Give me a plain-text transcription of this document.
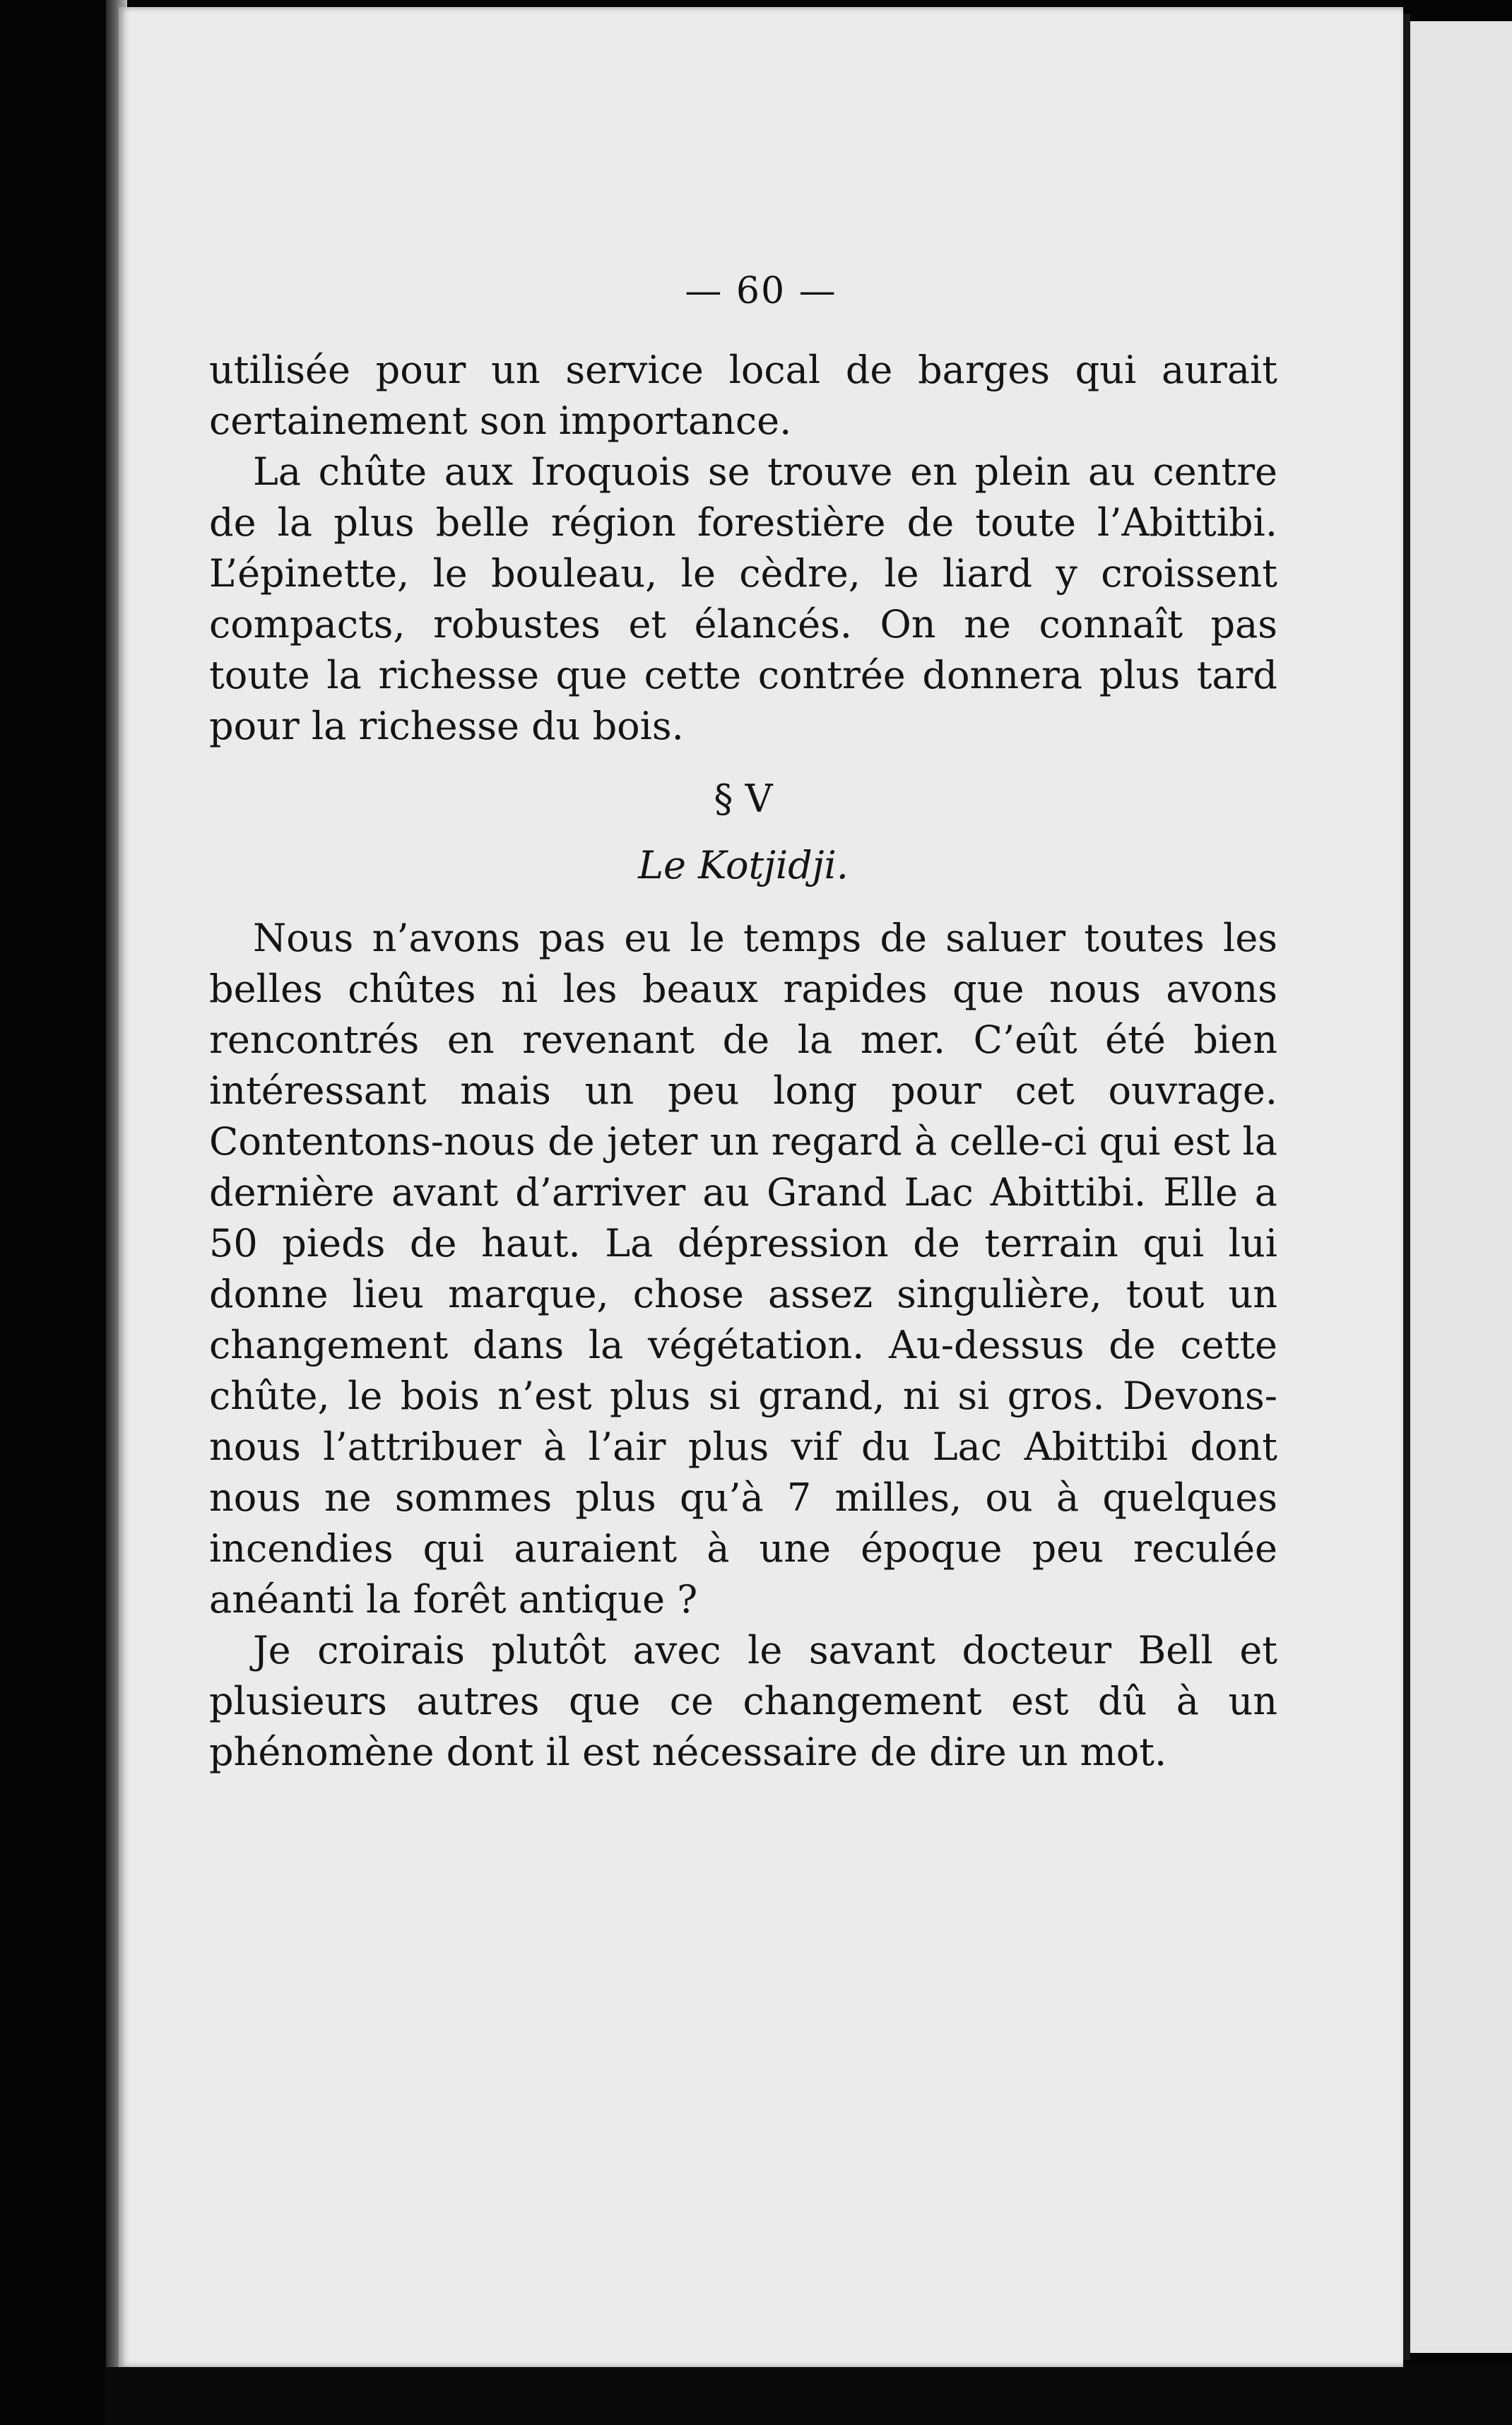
— 60 —

utilisée pour un service local de barges qui aurait certainement son importance.

La chûte aux Iroquois se trouve en plein au centre de la plus belle région forestière de toute l’Abittibi. L’épinette, le bouleau, le cèdre, le liard y croissent compacts, robustes et élancés. On ne connaît pas toute la richesse que cette contrée donnera plus tard pour la richesse du bois.

§ V

Le Kotjidji.

Nous n’avons pas eu le temps de saluer toutes les belles chûtes ni les beaux rapides que nous avons rencontrés en revenant de la mer. C’eût été bien intéressant mais un peu long pour cet ouvrage. Contentons-nous de jeter un regard à celle-ci qui est la dernière avant d’arriver au Grand Lac Abittibi. Elle a 50 pieds de haut. La dépression de terrain qui lui donne lieu marque, chose assez singulière, tout un changement dans la végétation. Au-dessus de cette chûte, le bois n’est plus si grand, ni si gros. Devons-nous l’attribuer à l’air plus vif du Lac Abittibi dont nous ne sommes plus qu’à 7 milles, ou à quelques incendies qui auraient à une époque peu reculée anéanti la forêt antique ?

Je croirais plutôt avec le savant docteur Bell et plusieurs autres que ce changement est dû à un phénomène dont il est nécessaire de dire un mot.
